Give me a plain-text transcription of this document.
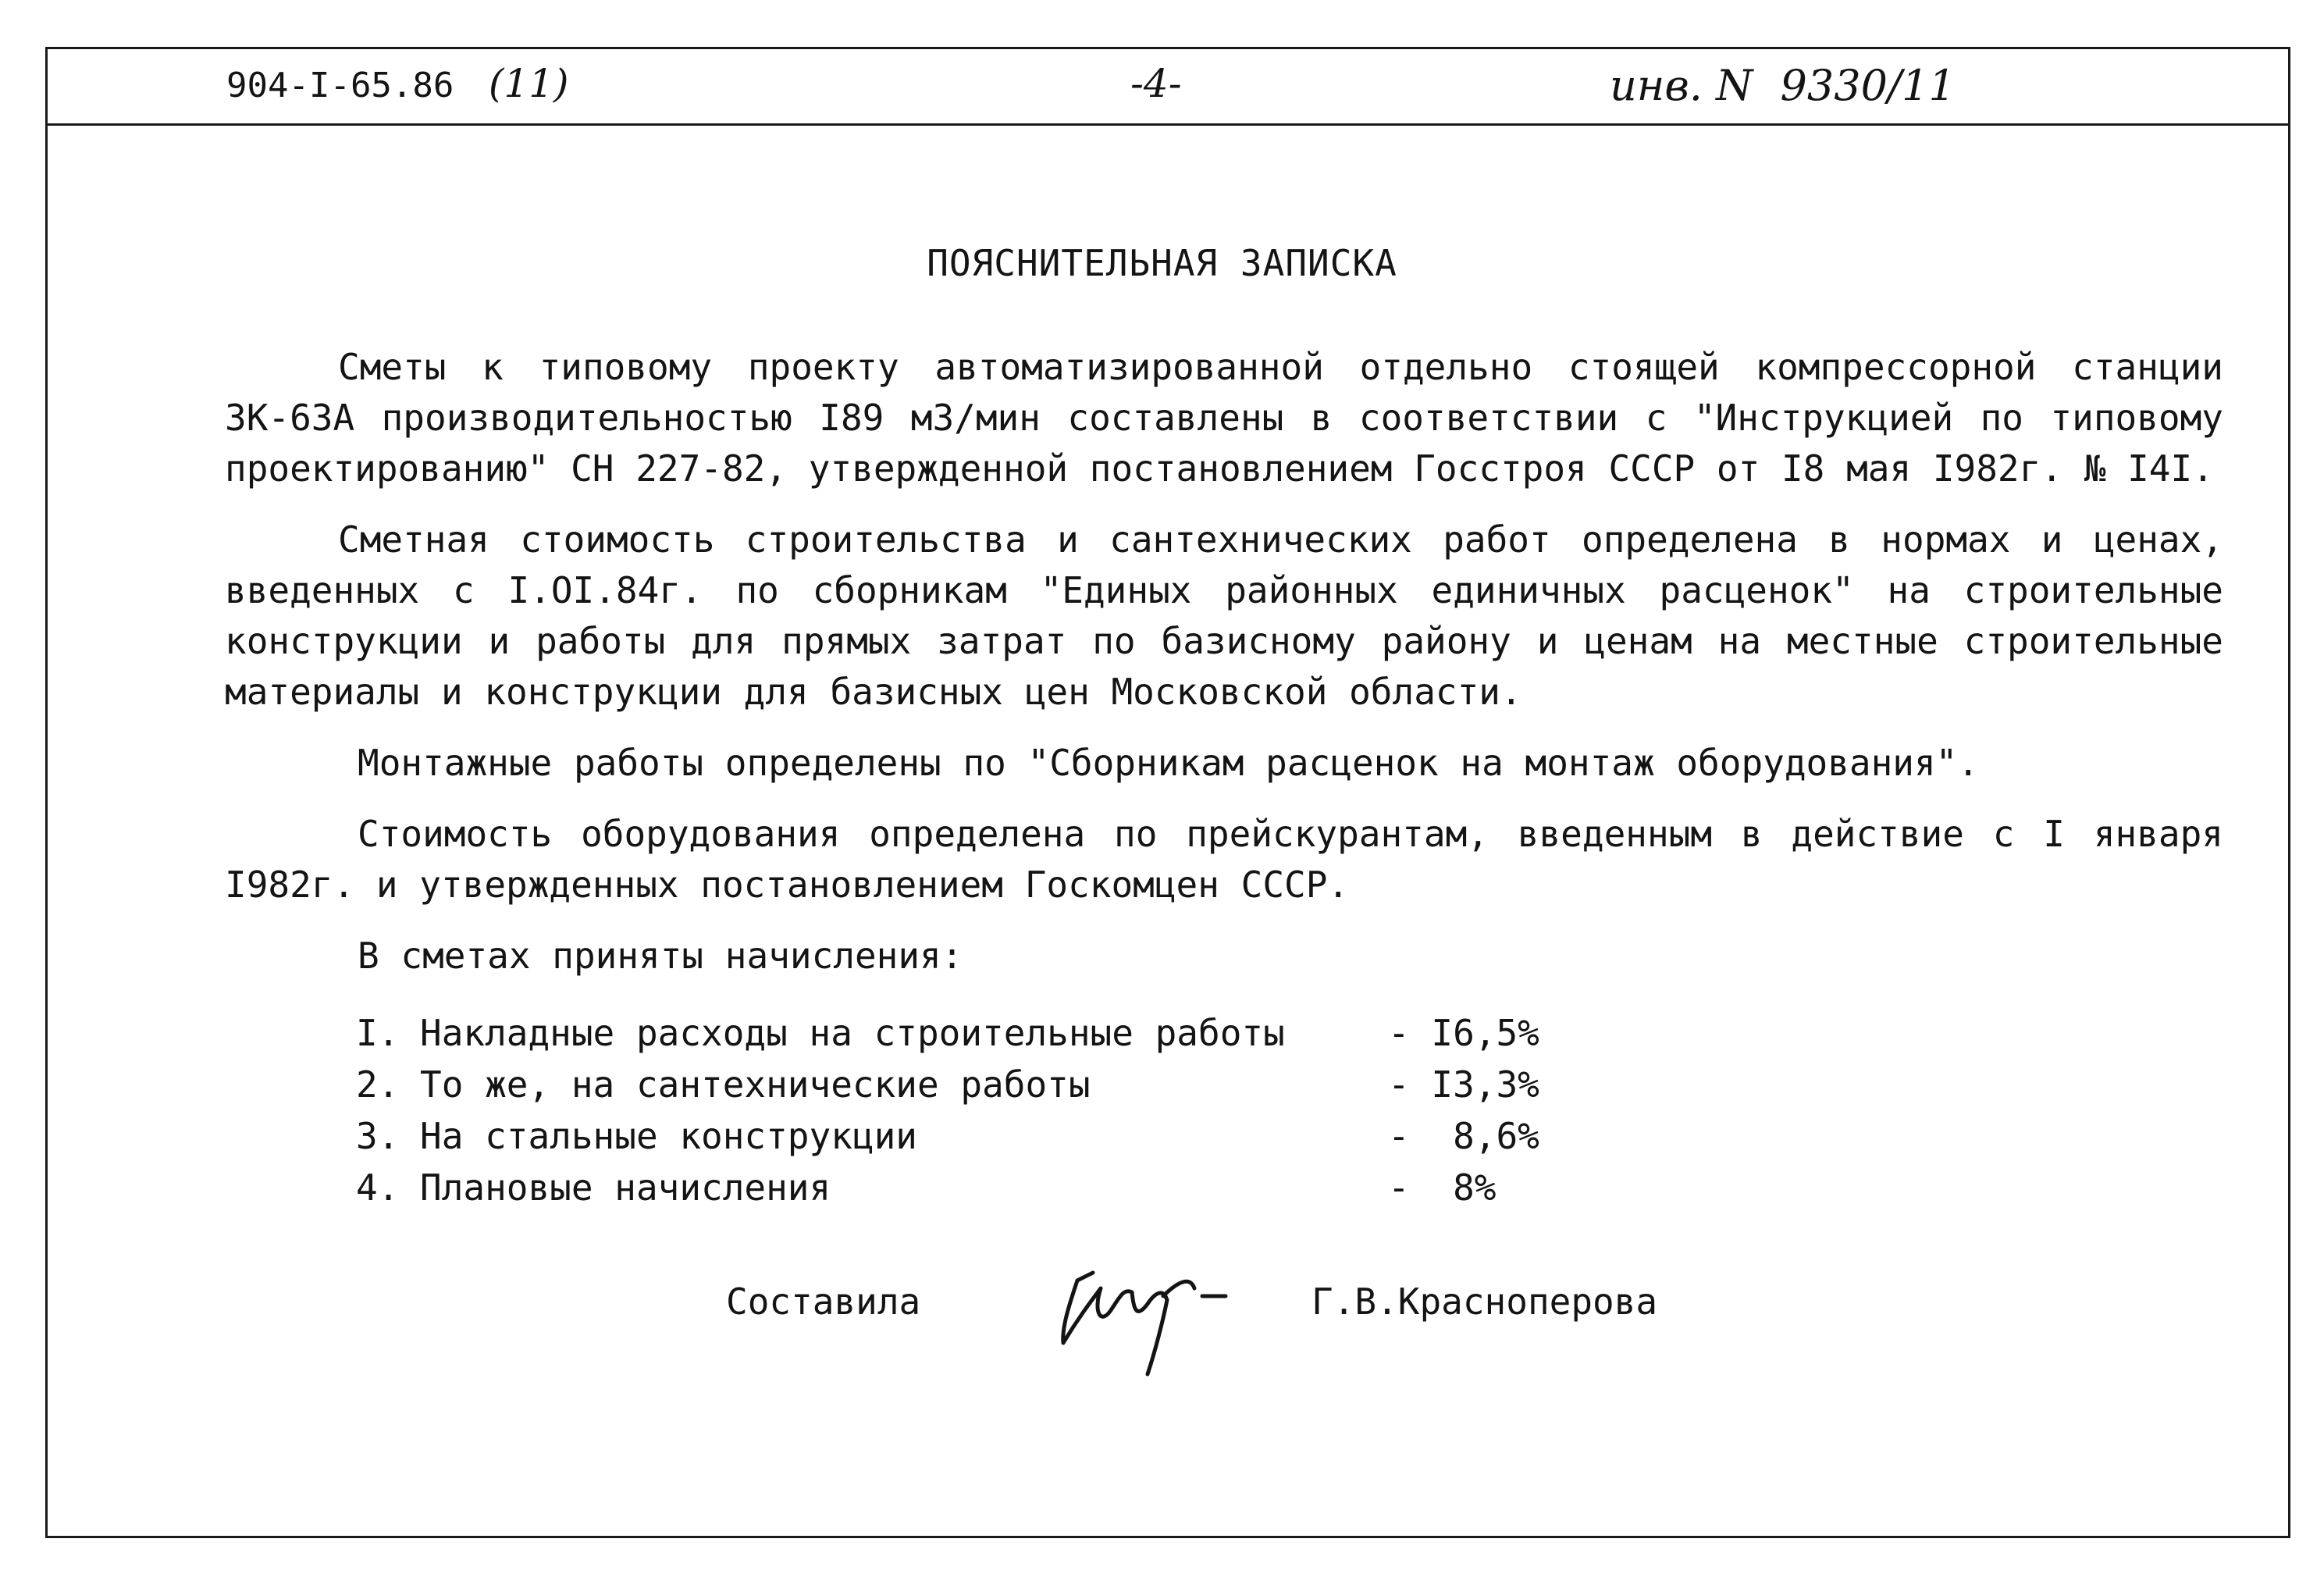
904-I-65.86 (11)	-4-	инв. N 9330/11
ПОЯСНИТЕЛЬНАЯ ЗАПИСКА

Сметы к типовому проекту автоматизированной отдельно стоящей компрессорной станции ЗК-63А производительностью I89 м3/мин составлены в соответствии с "Инструкцией по типовому проектированию" СН 227-82, утвержденной постановлением Госстроя СССР от I8 мая I982г. № I4I.

Сметная стоимость строительства и сантехнических работ определена в нормах и ценах, введенных с I.OI.84г. по сборникам "Единых районных единичных расценок" на строительные конструкции и работы для прямых затрат по базисному району и ценам на местные строительные материалы и конструкции для базисных цен Московской области.

Монтажные работы определены по "Сборникам расценок на монтаж оборудования".

Стоимость оборудования определена по прейскурантам, введенным в действие с I января I982г. и утвержденных постановлением Госкомцен СССР.

В сметах приняты начисления:

I. Накладные расходы на строительные работы	- I6,5%
2. То же, на сантехнические работы	- I3,3%
3. На стальные конструкции	-  8,6%
4. Плановые начисления	-  8%
Составила	Г.В.Красноперова
